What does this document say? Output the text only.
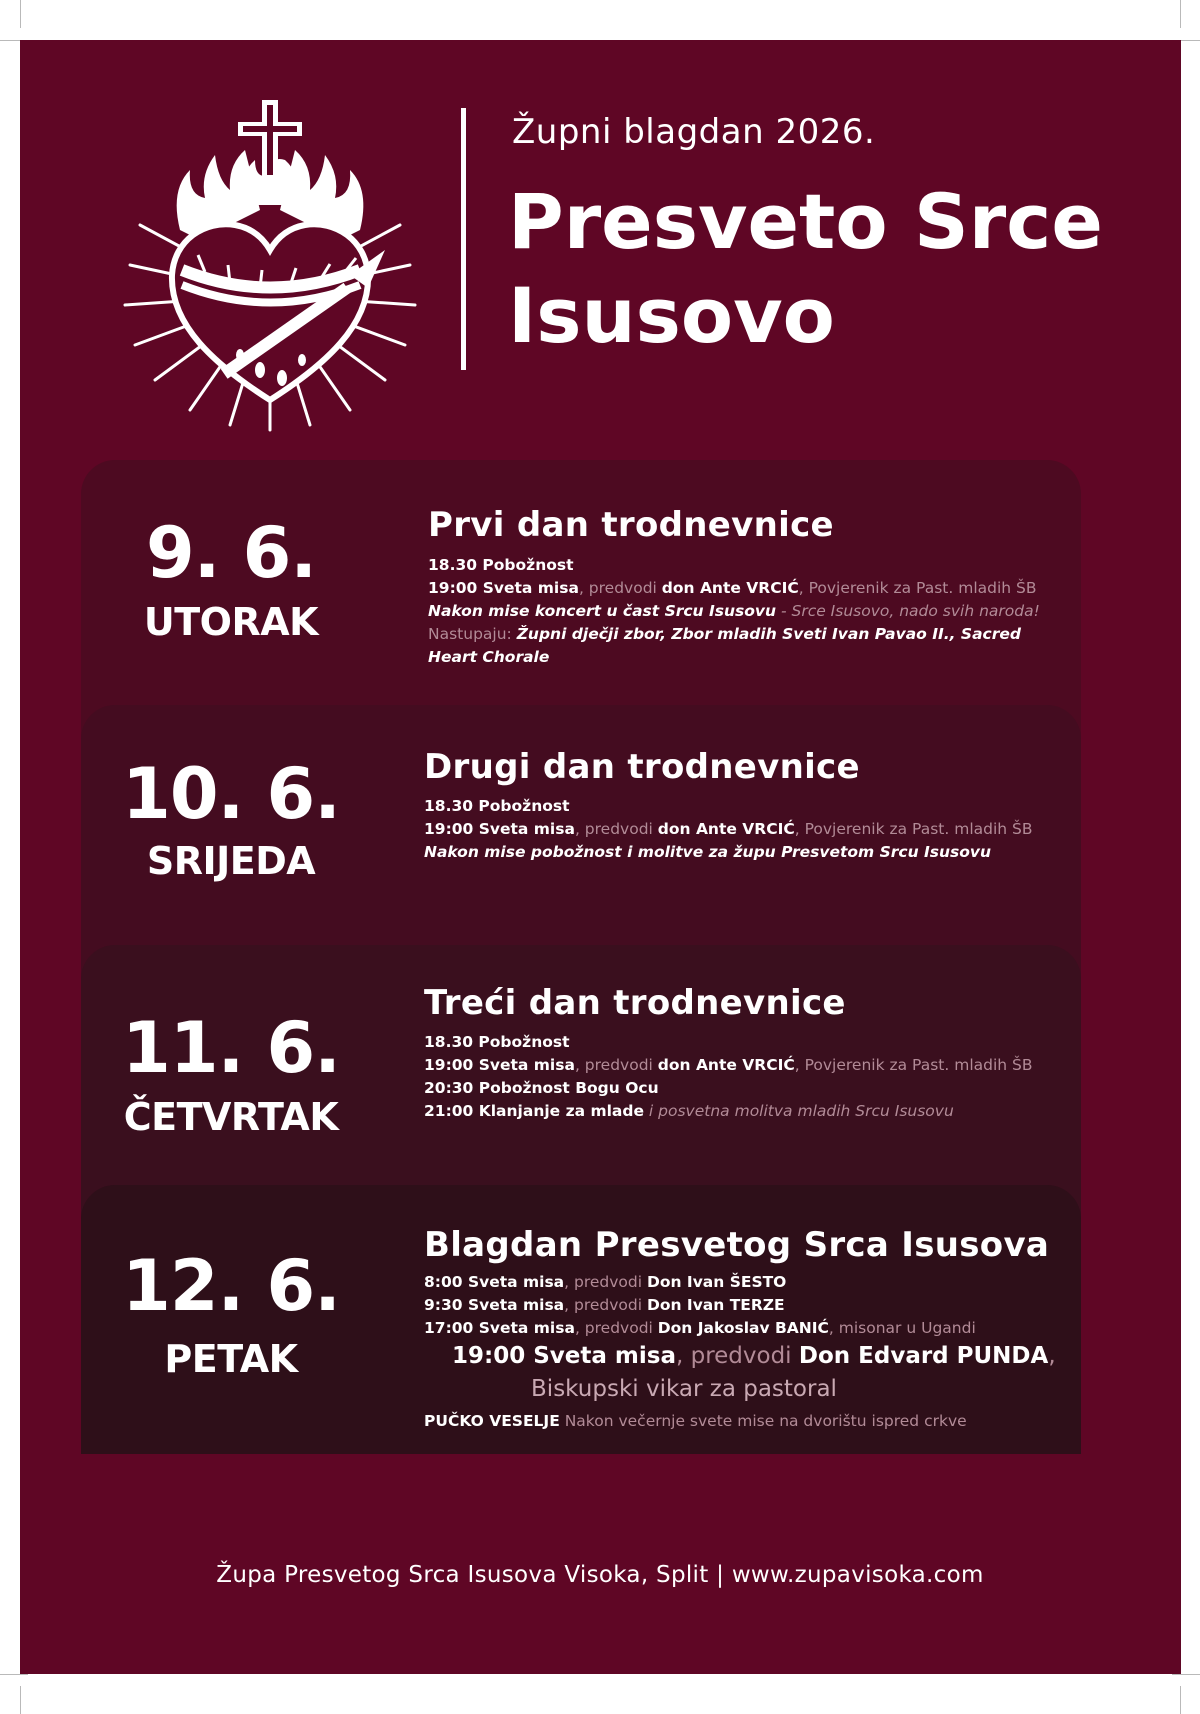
Župni blagdan 2026.
Presveto Srce
Isusovo
9. 6.
UTORAK
Prvi dan trodnevnice
18.30 Pobožnost
19:00 Sveta misa, predvodi don Ante VRCIĆ, Povjerenik za Past. mladih ŠB
Nakon mise koncert u čast Srcu Isusovu - Srce Isusovo, nado svih naroda!
Nastupaju: Župni dječji zbor, Zbor mladih Sveti Ivan Pavao II., Sacred
Heart Chorale
10. 6.
SRIJEDA
Drugi dan trodnevnice
18.30 Pobožnost
19:00 Sveta misa, predvodi don Ante VRCIĆ, Povjerenik za Past. mladih ŠB
Nakon mise pobožnost i molitve za župu Presvetom Srcu Isusovu
11. 6.
ČETVRTAK
Treći dan trodnevnice
18.30 Pobožnost
19:00 Sveta misa, predvodi don Ante VRCIĆ, Povjerenik za Past. mladih ŠB
20:30 Pobožnost Bogu Ocu
21:00 Klanjanje za mlade i posvetna molitva mladih Srcu Isusovu
12. 6.
PETAK
Blagdan Presvetog Srca Isusova
8:00 Sveta misa, predvodi Don Ivan ŠESTO
9:30 Sveta misa, predvodi Don Ivan TERZE
17:00 Sveta misa, predvodi Don Jakoslav BANIĆ, misonar u Ugandi
19:00 Sveta misa, predvodi Don Edvard PUNDA,
Biskupski vikar za pastoral
PUČKO VESELJE Nakon večernje svete mise na dvorištu ispred crkve
Župa Presvetog Srca Isusova Visoka, Split | www.zupavisoka.com
